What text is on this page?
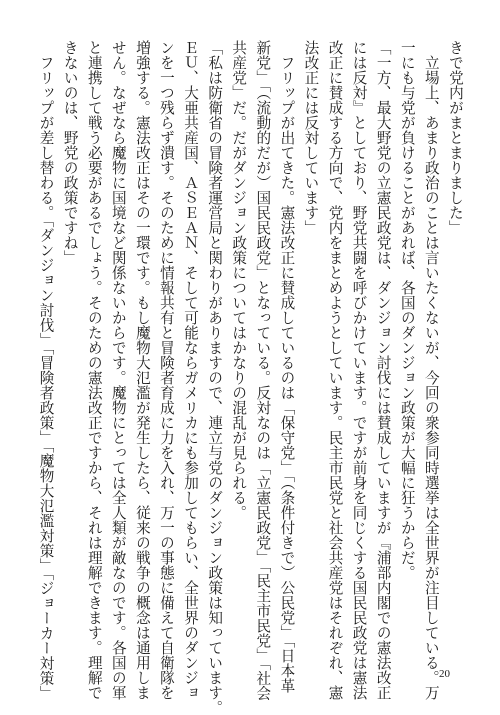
きで党内がまとまりました」
　立場上、あまり政治のことは言いたくないが、今回の衆参同時選挙は全世界が注目している。万
一にも与党が負けることがあれば、各国のダンジョン政策が大幅に狂うからだ。
「一方、最大野党の立憲民政党は、ダンジョン討伐には賛成していますが『浦部内閣での憲法改正
には反対』としており、野党共闘を呼びかけています。ですが前身を同じくする国民民政党は憲法
改正に賛成する方向で、党内をまとめようとしています。民主市民党と社会共産党はそれぞれ、憲
法改正には反対しています」
　フリップが出てきた。憲法改正に賛成しているのは「保守党」「（条件付きで）公民党」「日本革
新党」「（流動的だが）国民民政党」となっている。反対なのは「立憲民政党」「民主市民党」「社会
共産党」だ。だがダンジョン政策についてはかなりの混乱が見られる。
「私は防衛省の冒険者運営局と関わりがありますので、連立与党のダンジョン政策は知っています。
ＥＵ、大亜共産国、ＡＳＥＡＮ、そして可能ならガメリカにも参加してもらい、全世界のダンジョ
ンを一つ残らず潰す。そのために情報共有と冒険者育成に力を入れ、万一の事態に備えて自衛隊を
増強する。憲法改正はその一環です。もし魔物大氾濫が発生したら、従来の戦争の概念は通用しま
せん。なぜなら魔物に国境など関係ないからです。魔物にとっては全人類が敵なのです。各国の軍
と連携して戦う必要があるでしょう。そのための憲法改正ですから、それは理解できます。理解で
きないのは、野党の政策ですね」
　フリップが差し替わる。「ダンジョン討伐」「冒険者政策」「魔物大氾濫対策」「ジョーカー対策」	20
